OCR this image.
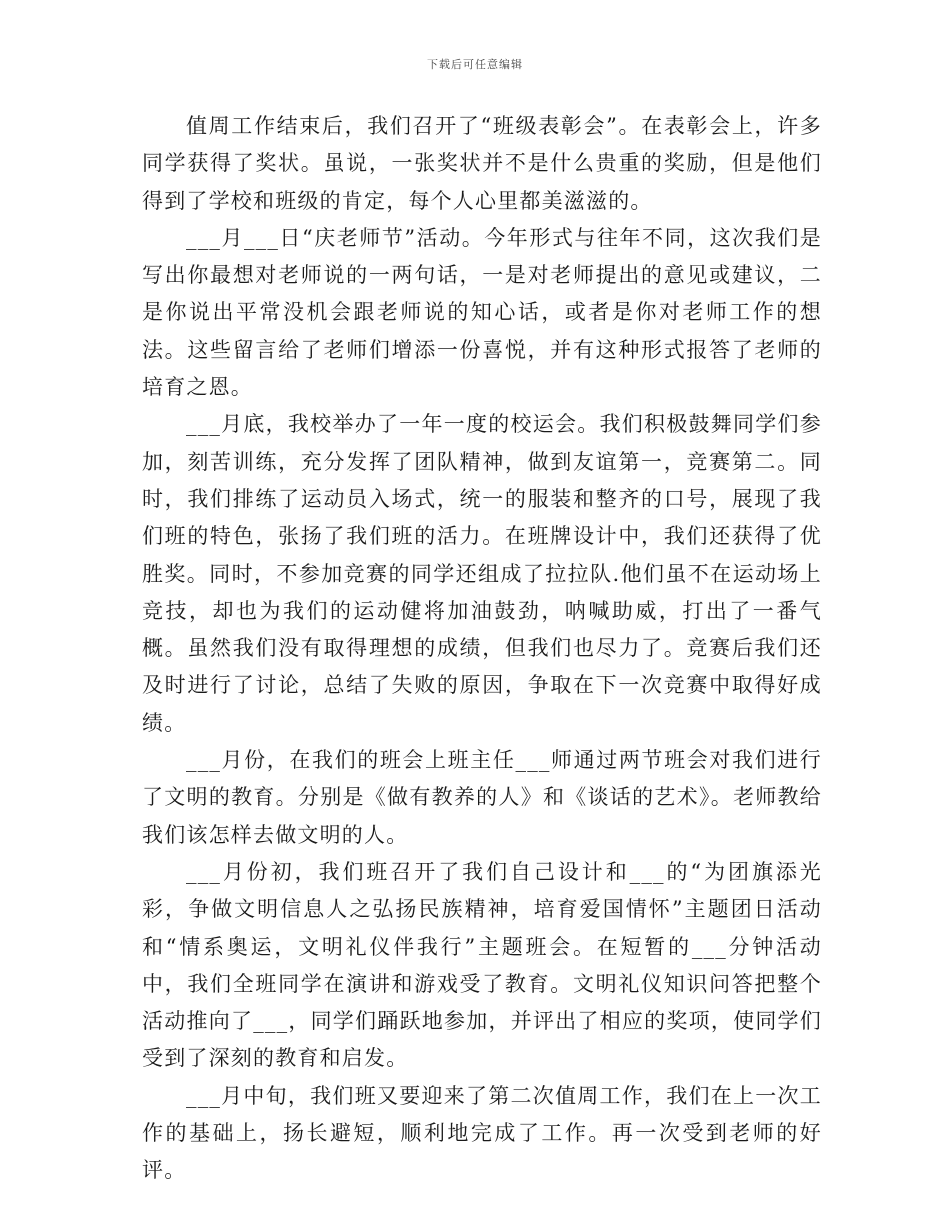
下载后可任意编辑

值周工作结束后，我们召开了“班级表彰会”。在表彰会上，许多同学获得了奖状。虽说，一张奖状并不是什么贵重的奖励，但是他们得到了学校和班级的肯定，每个人心里都美滋滋的。

___月___日“庆老师节”活动。今年形式与往年不同，这次我们是写出你最想对老师说的一两句话，一是对老师提出的意见或建议，二是你说出平常没机会跟老师说的知心话，或者是你对老师工作的想法。这些留言给了老师们增添一份喜悦，并有这种形式报答了老师的培育之恩。

___月底，我校举办了一年一度的校运会。我们积极鼓舞同学们参加，刻苦训练，充分发挥了团队精神，做到友谊第一，竞赛第二。同时，我们排练了运动员入场式，统一的服装和整齐的口号，展现了我们班的特色，张扬了我们班的活力。在班牌设计中，我们还获得了优胜奖。同时，不参加竞赛的同学还组成了拉拉队.他们虽不在运动场上竞技，却也为我们的运动健将加油鼓劲，呐喊助威，打出了一番气概。虽然我们没有取得理想的成绩，但我们也尽力了。竞赛后我们还及时进行了讨论，总结了失败的原因，争取在下一次竞赛中取得好成绩。

___月份，在我们的班会上班主任___师通过两节班会对我们进行了文明的教育。分别是《做有教养的人》和《谈话的艺术》。老师教给我们该怎样去做文明的人。

___月份初，我们班召开了我们自己设计和___的“为团旗添光彩，争做文明信息人之弘扬民族精神，培育爱国情怀”主题团日活动和“情系奥运，文明礼仪伴我行”主题班会。在短暂的___分钟活动中，我们全班同学在演讲和游戏受了教育。文明礼仪知识问答把整个活动推向了___，同学们踊跃地参加，并评出了相应的奖项，使同学们受到了深刻的教育和启发。

___月中旬，我们班又要迎来了第二次值周工作，我们在上一次工作的基础上，扬长避短，顺利地完成了工作。再一次受到老师的好评。
